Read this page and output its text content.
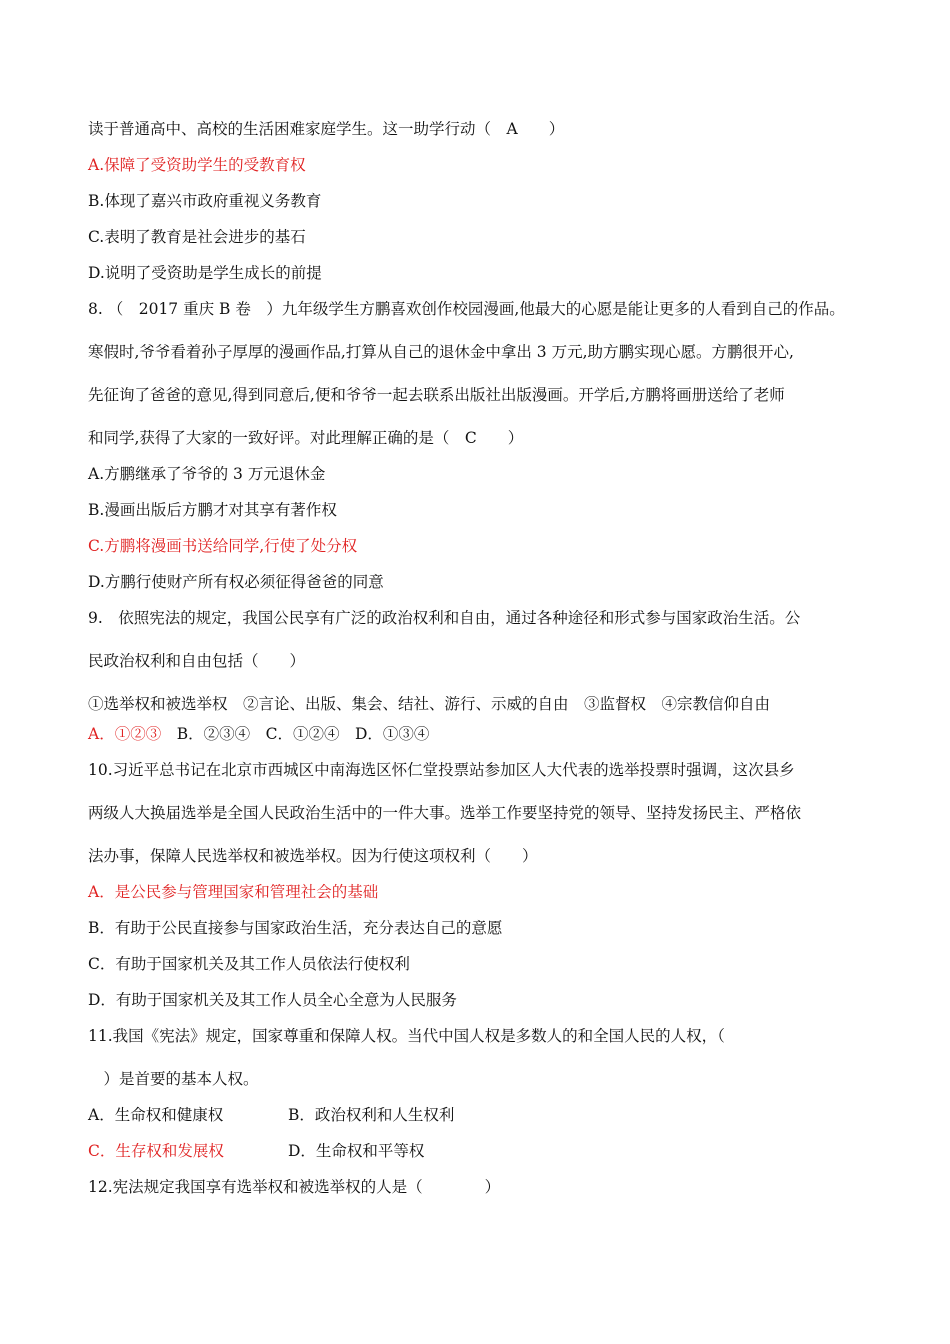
读于普通高中、高校的生活困难家庭学生。这一助学行动（　A　　）
A.保障了受资助学生的受教育权
B.体现了嘉兴市政府重视义务教育
C.表明了教育是社会进步的基石
D.说明了受资助是学生成长的前提
8. （　2017 重庆 B 卷　）九年级学生方鹏喜欢创作校园漫画,他最大的心愿是能让更多的人看到自己的作品。
寒假时,爷爷看着孙子厚厚的漫画作品,打算从自己的退休金中拿出 3 万元,助方鹏实现心愿。方鹏很开心,
先征询了爸爸的意见,得到同意后,便和爷爷一起去联系出版社出版漫画。开学后,方鹏将画册送给了老师
和同学,获得了大家的一致好评。对此理解正确的是（　C　　）
A.方鹏继承了爷爷的 3 万元退休金
B.漫画出版后方鹏才对其享有著作权
C.方鹏将漫画书送给同学,行使了处分权
D.方鹏行使财产所有权必须征得爸爸的同意
9.　依照宪法的规定，我国公民享有广泛的政治权利和自由，通过各种途径和形式参与国家政治生活。公
民政治权利和自由包括（　　）
①选举权和被选举权　②言论、出版、集会、结社、游行、示威的自由　③监督权　④宗教信仰自由
A．①②③　B．②③④　C．①②④　D．①③④
10.习近平总书记在北京市西城区中南海选区怀仁堂投票站参加区人大代表的选举投票时强调，这次县乡
两级人大换届选举是全国人民政治生活中的一件大事。选举工作要坚持党的领导、坚持发扬民主、严格依
法办事，保障人民选举权和被选举权。因为行使这项权利（　　）
A．是公民参与管理国家和管理社会的基础
B．有助于公民直接参与国家政治生活，充分表达自己的意愿
C．有助于国家机关及其工作人员依法行使权利
D．有助于国家机关及其工作人员全心全意为人民服务
11.我国《宪法》规定，国家尊重和保障人权。当代中国人权是多数人的和全国人民的人权，（
　）是首要的基本人权。
A．生命权和健康权	B．政治权利和人生权利
C．生存权和发展权	D．生命权和平等权
12.宪法规定我国享有选举权和被选举权的人是（　　　　）
